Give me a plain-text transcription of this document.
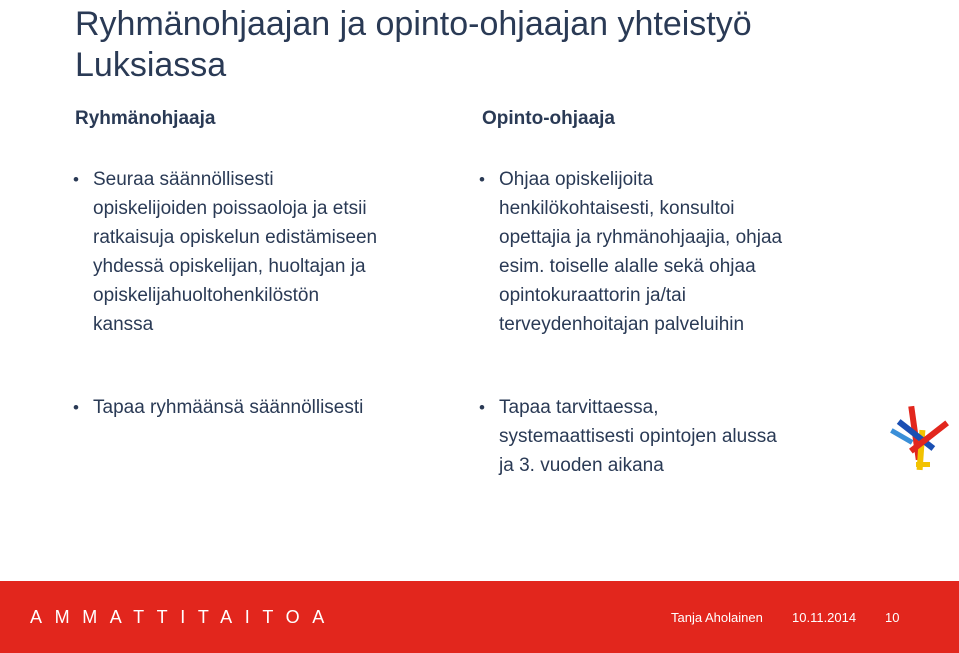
Ryhmänohjaajan ja opinto-ohjaajan yhteistyö
Luksiassa
Ryhmänohjaaja	Opinto-ohjaaja
• Seuraa säännöllisesti
opiskelijoiden poissaoloja ja etsii
ratkaisuja opiskelun edistämiseen
yhdessä opiskelijan, huoltajan ja
opiskelijahuoltohenkilöstön
kanssa
• Ohjaa opiskelijoita
henkilökohtaisesti, konsultoi
opettajia ja ryhmänohjaajia, ohjaa
esim. toiselle alalle sekä ohjaa
opintokuraattorin ja/tai
terveydenhoitajan palveluihin
• Tapaa ryhmäänsä säännöllisesti
•	Tapaa tarvittaessa,
systemaattisesti opintojen alussa
ja 3. vuoden aikana
AMMATTITAITOA	Tanja Aholainen 10.11.2014 10
